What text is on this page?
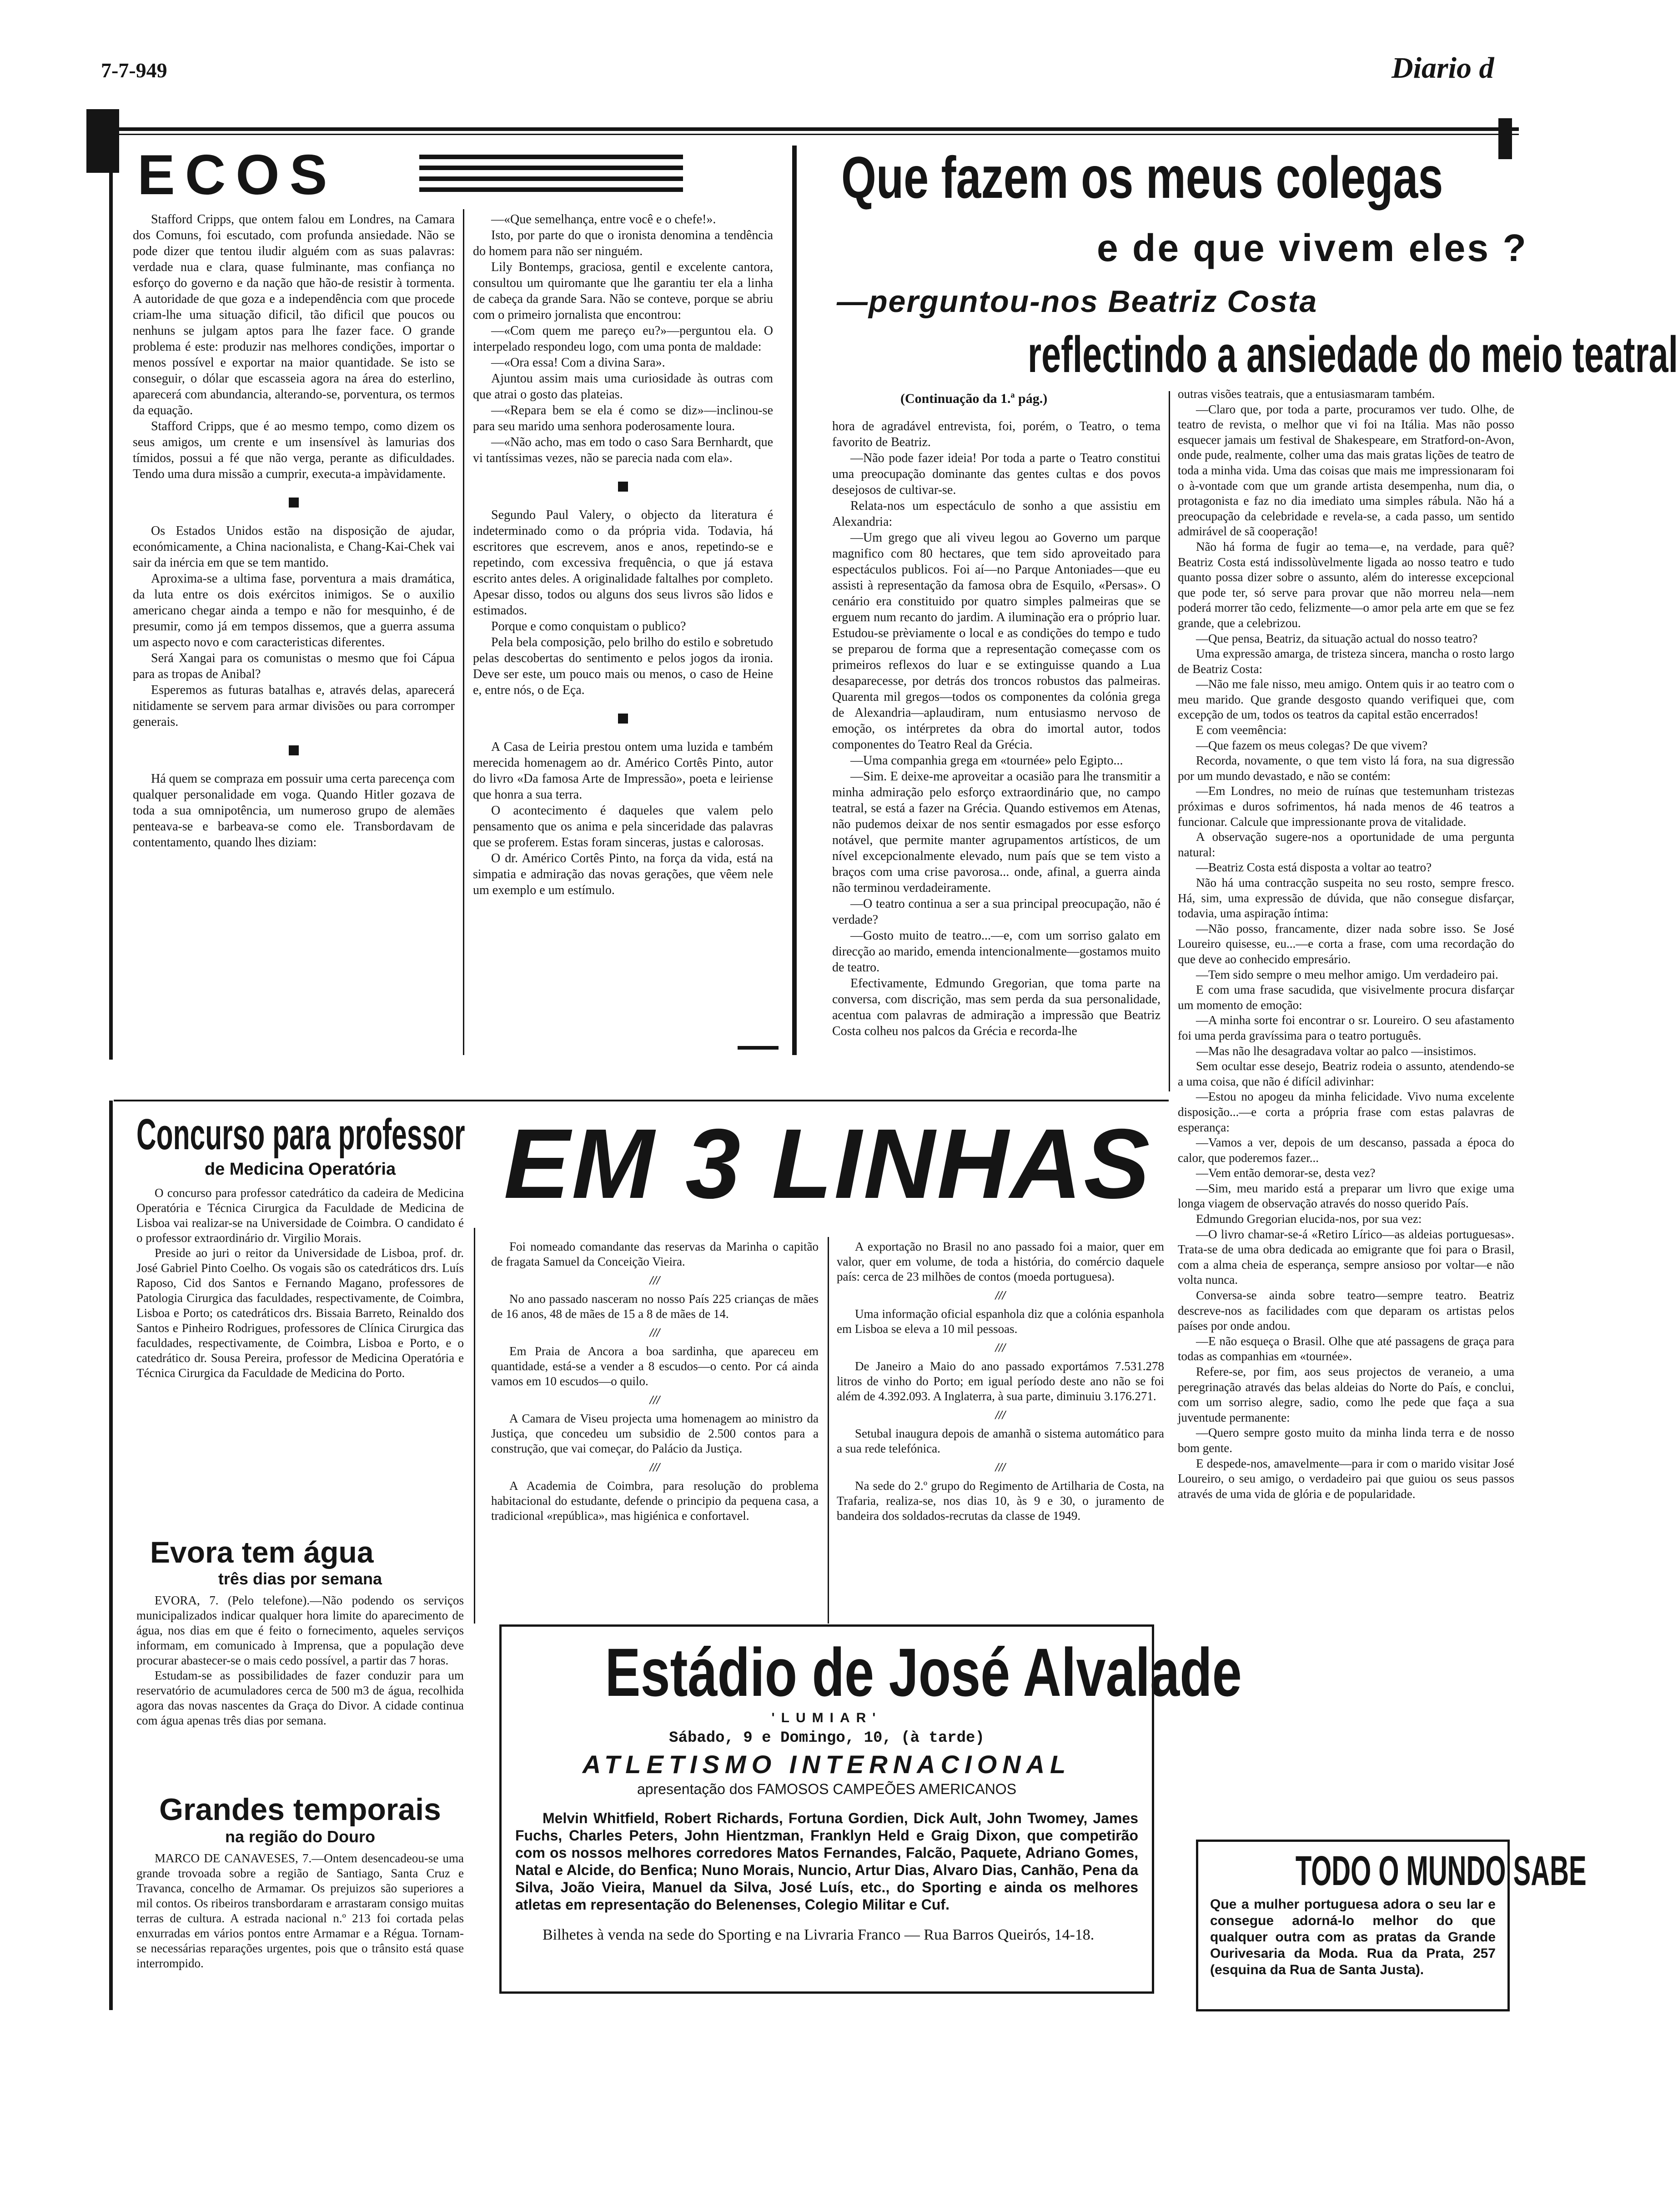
7-7-949	Diario d
ECOS

Stafford Cripps, que ontem falou em Londres, na Camara dos Comuns, foi escutado, com profunda ansiedade. Não se pode dizer que tentou iludir alguém com as suas palavras: verdade nua e clara, quase fulminante, mas confiança no esforço do governo e da nação que hão-de resistir à tormenta. A autoridade de que goza e a independência com que procede criam-lhe uma situação dificil, tão dificil que poucos ou nenhuns se julgam aptos para lhe fazer face. O grande problema é este: produzir nas melhores condições, importar o menos possível e exportar na maior quantidade. Se isto se conseguir, o dólar que escasseia agora na área do esterlino, aparecerá com abundancia, alterando-se, porventura, os termos da equação.

Stafford Cripps, que é ao mesmo tempo, como dizem os seus amigos, um crente e um insensível às lamurias dos tímidos, possui a fé que não verga, perante as dificuldades. Tendo uma dura missão a cumprir, executa-a impàvidamente.

Os Estados Unidos estão na disposição de ajudar, económicamente, a China nacionalista, e Chang-Kai-Chek vai sair da inércia em que se tem mantido.

Aproxima-se a ultima fase, porventura a mais dramática, da luta entre os dois exércitos inimigos. Se o auxilio americano chegar ainda a tempo e não for mesquinho, é de presumir, como já em tempos dissemos, que a guerra assuma um aspecto novo e com caracteristicas diferentes.

Será Xangai para os comunistas o mesmo que foi Cápua para as tropas de Anibal?

Esperemos as futuras batalhas e, através delas, aparecerá nitidamente se servem para armar divisões ou para corromper generais.

Há quem se compraza em possuir uma certa parecença com qualquer personalidade em voga. Quando Hitler gozava de toda a sua omnipotência, um numeroso grupo de alemães penteava-se e barbeava-se como ele. Transbordavam de contentamento, quando lhes diziam:

—«Que semelhança, entre você e o chefe!».

Isto, por parte do que o ironista denomina a tendência do homem para não ser ninguém.

Lily Bontemps, graciosa, gentil e excelente cantora, consultou um quiromante que lhe garantiu ter ela a linha de cabeça da grande Sara. Não se conteve, porque se abriu com o primeiro jornalista que encontrou:

—«Com quem me pareço eu?»—perguntou ela. O interpelado respondeu logo, com uma ponta de maldade:

—«Ora essa! Com a divina Sara».

Ajuntou assim mais uma curiosidade às outras com que atrai o gosto das plateias.

—«Repara bem se ela é como se diz»—inclinou-se para seu marido uma senhora poderosamente loura.

—«Não acho, mas em todo o caso Sara Bernhardt, que vi tantíssimas vezes, não se parecia nada com ela».

Segundo Paul Valery, o objecto da literatura é indeterminado como o da própria vida. Todavia, há escritores que escrevem, anos e anos, repetindo-se e repetindo, com excessiva frequência, o que já estava escrito antes deles. A originalidade faltalhes por completo. Apesar disso, todos ou alguns dos seus livros são lidos e estimados.

Porque e como conquistam o publico?

Pela bela composição, pelo brilho do estilo e sobretudo pelas descobertas do sentimento e pelos jogos da ironia. Deve ser este, um pouco mais ou menos, o caso de Heine e, entre nós, o de Eça.

A Casa de Leiria prestou ontem uma luzida e também merecida homenagem ao dr. Américo Cortês Pinto, autor do livro «Da famosa Arte de Impressão», poeta e leiriense que honra a sua terra.

O acontecimento é daqueles que valem pelo pensamento que os anima e pela sinceridade das palavras que se proferem. Estas foram sinceras, justas e calorosas.

O dr. Américo Cortês Pinto, na força da vida, está na simpatia e admiração das novas gerações, que vêem nele um exemplo e um estímulo.

Que fazem os meus colegas
e de que vivem eles ?
—perguntou-nos Beatriz Costa
reflectindo a ansiedade do meio teatral
(Continuação da 1.ª pág.)

hora de agradável entrevista, foi, porém, o Teatro, o tema favorito de Beatriz.

—Não pode fazer ideia! Por toda a parte o Teatro constitui uma preocupação dominante das gentes cultas e dos povos desejosos de cultivar-se.

Relata-nos um espectáculo de sonho a que assistiu em Alexandria:

—Um grego que ali viveu legou ao Governo um parque magnifico com 80 hectares, que tem sido aproveitado para espectáculos publicos. Foi aí—no Parque Antoniades—que eu assisti à representação da famosa obra de Esquilo, «Persas». O cenário era constituido por quatro simples palmeiras que se erguem num recanto do jardim. A iluminação era o próprio luar. Estudou-se prèviamente o local e as condições do tempo e tudo se preparou de forma que a representação começasse com os primeiros reflexos do luar e se extinguisse quando a Lua desaparecesse, por detrás dos troncos robustos das palmeiras. Quarenta mil gregos—todos os componentes da colónia grega de Alexandria—aplaudiram, num entusiasmo nervoso de emoção, os intérpretes da obra do imortal autor, todos componentes do Teatro Real da Grécia.

—Uma companhia grega em «tournée» pelo Egipto...

—Sim. E deixe-me aproveitar a ocasião para lhe transmitir a minha admiração pelo esforço extraordinário que, no campo teatral, se está a fazer na Grécia. Quando estivemos em Atenas, não pudemos deixar de nos sentir esmagados por esse esforço notável, que permite manter agrupamentos artísticos, de um nível excepcionalmente elevado, num país que se tem visto a braços com uma crise pavorosa... onde, afinal, a guerra ainda não terminou verdadeiramente.

—O teatro continua a ser a sua principal preocupação, não é verdade?

—Gosto muito de teatro...—e, com um sorriso galato em direcção ao marido, emenda intencionalmente—gostamos muito de teatro.

Efectivamente, Edmundo Gregorian, que toma parte na conversa, com discrição, mas sem perda da sua personalidade, acentua com palavras de admiração a impressão que Beatriz Costa colheu nos palcos da Grécia e recorda-lhe

outras visões teatrais, que a entusiasmaram também.

—Claro que, por toda a parte, procuramos ver tudo. Olhe, de teatro de revista, o melhor que vi foi na Itália. Mas não posso esquecer jamais um festival de Shakespeare, em Stratford-on-Avon, onde pude, realmente, colher uma das mais gratas lições de teatro de toda a minha vida. Uma das coisas que mais me impressionaram foi o à-vontade com que um grande artista desempenha, num dia, o protagonista e faz no dia imediato uma simples rábula. Não há a preocupação da celebridade e revela-se, a cada passo, um sentido admirável de sã cooperação!

Não há forma de fugir ao tema—e, na verdade, para quê? Beatriz Costa está indissolùvelmente ligada ao nosso teatro e tudo quanto possa dizer sobre o assunto, além do interesse excepcional que pode ter, só serve para provar que não morreu nela—nem poderá morrer tão cedo, felizmente—o amor pela arte em que se fez grande, que a celebrizou.

—Que pensa, Beatriz, da situação actual do nosso teatro?

Uma expressão amarga, de tristeza sincera, mancha o rosto largo de Beatriz Costa:

—Não me fale nisso, meu amigo. Ontem quis ir ao teatro com o meu marido. Que grande desgosto quando verifiquei que, com excepção de um, todos os teatros da capital estão encerrados!

E com veemência:

—Que fazem os meus colegas? De que vivem?

Recorda, novamente, o que tem visto lá fora, na sua digressão por um mundo devastado, e não se contém:

—Em Londres, no meio de ruínas que testemunham tristezas próximas e duros sofrimentos, há nada menos de 46 teatros a funcionar. Calcule que impressionante prova de vitalidade.

A observação sugere-nos a oportunidade de uma pergunta natural:

—Beatriz Costa está disposta a voltar ao teatro?

Não há uma contracção suspeita no seu rosto, sempre fresco. Há, sim, uma expressão de dúvida, que não consegue disfarçar, todavia, uma aspiração íntima:

—Não posso, francamente, dizer nada sobre isso. Se José Loureiro quisesse, eu...—e corta a frase, com uma recordação do que deve ao conhecido empresário.

—Tem sido sempre o meu melhor amigo. Um verdadeiro pai.

E com uma frase sacudida, que visivelmente procura disfarçar um momento de emoção:

—A minha sorte foi encontrar o sr. Loureiro. O seu afastamento foi uma perda gravíssima para o teatro português.

—Mas não lhe desagradava voltar ao palco —insistimos.

Sem ocultar esse desejo, Beatriz rodeia o assunto, atendendo-se a uma coisa, que não é difícil adivinhar:

—Estou no apogeu da minha felicidade. Vivo numa excelente disposição...—e corta a própria frase com estas palavras de esperança:

—Vamos a ver, depois de um descanso, passada a época do calor, que poderemos fazer...

—Vem então demorar-se, desta vez?

—Sim, meu marido está a preparar um livro que exige uma longa viagem de observação através do nosso querido País.

Edmundo Gregorian elucida-nos, por sua vez:

—O livro chamar-se-á «Retiro Lírico—as aldeias portuguesas». Trata-se de uma obra dedicada ao emigrante que foi para o Brasil, com a alma cheia de esperança, sempre ansioso por voltar—e não volta nunca.

Conversa-se ainda sobre teatro—sempre teatro. Beatriz descreve-nos as facilidades com que deparam os artistas pelos países por onde andou.

—E não esqueça o Brasil. Olhe que até passagens de graça para todas as companhias em «tournée».

Refere-se, por fim, aos seus projectos de veraneio, a uma peregrinação através das belas aldeias do Norte do País, e conclui, com um sorriso alegre, sadio, como lhe pede que faça a sua juventude permanente:

—Quero sempre gosto muito da minha linda terra e de nosso bom gente.

E despede-nos, amavelmente—para ir com o marido visitar José Loureiro, o seu amigo, o verdadeiro pai que guiou os seus passos através de uma vida de glória e de popularidade.

Concurso para professor
de Medicina Operatória

O concurso para professor catedrático da cadeira de Medicina Operatória e Técnica Cirurgica da Faculdade de Medicina de Lisboa vai realizar-se na Universidade de Coimbra. O candidato é o professor extraordinário dr. Virgilio Morais.

Preside ao juri o reitor da Universidade de Lisboa, prof. dr. José Gabriel Pinto Coelho. Os vogais são os catedráticos drs. Luís Raposo, Cid dos Santos e Fernando Magano, professores de Patologia Cirurgica das faculdades, respectivamente, de Coimbra, Lisboa e Porto; os catedráticos drs. Bissaia Barreto, Reinaldo dos Santos e Pinheiro Rodrigues, professores de Clínica Cirurgica das faculdades, respectivamente, de Coimbra, Lisboa e Porto, e o catedrático dr. Sousa Pereira, professor de Medicina Operatória e Técnica Cirurgica da Faculdade de Medicina do Porto.

Evora tem água
três dias por semana

EVORA, 7. (Pelo telefone).—Não podendo os serviços municipalizados indicar qualquer hora limite do aparecimento de água, nos dias em que é feito o fornecimento, aqueles serviços informam, em comunicado à Imprensa, que a população deve procurar abastecer-se o mais cedo possível, a partir das 7 horas.

Estudam-se as possibilidades de fazer conduzir para um reservatório de acumuladores cerca de 500 m3 de água, recolhida agora das novas nascentes da Graça do Divor. A cidade continua com água apenas três dias por semana.

Grandes temporais
na região do Douro

MARCO DE CANAVESES, 7.—Ontem desencadeou-se uma grande trovoada sobre a região de Santiago, Santa Cruz e Travanca, concelho de Armamar. Os prejuizos são superiores a mil contos. Os ribeiros transbordaram e arrastaram consigo muitas terras de cultura. A estrada nacional n.º 213 foi cortada pelas enxurradas em vários pontos entre Armamar e a Régua. Tornam-se necessárias reparações urgentes, pois que o trânsito está quase interrompido.

EM 3 LINHAS

Foi nomeado comandante das reservas da Marinha o capitão de fragata Samuel da Conceição Vieira.

///

No ano passado nasceram no nosso País 225 crianças de mães de 16 anos, 48 de mães de 15 a 8 de mães de 14.

///

Em Praia de Ancora a boa sardinha, que apareceu em quantidade, está-se a vender a 8 escudos—o cento. Por cá ainda vamos em 10 escudos—o quilo.

///

A Camara de Viseu projecta uma homenagem ao ministro da Justiça, que concedeu um subsidio de 2.500 contos para a construção, que vai começar, do Palácio da Justiça.

///

A Academia de Coimbra, para resolução do problema habitacional do estudante, defende o principio da pequena casa, a tradicional «república», mas higiénica e confortavel.

A exportação no Brasil no ano passado foi a maior, quer em valor, quer em volume, de toda a história, do comércio daquele país: cerca de 23 milhões de contos (moeda portuguesa).

///

Uma informação oficial espanhola diz que a colónia espanhola em Lisboa se eleva a 10 mil pessoas.

///

De Janeiro a Maio do ano passado exportámos 7.531.278 litros de vinho do Porto; em igual período deste ano não se foi além de 4.392.093. A Inglaterra, à sua parte, diminuiu 3.176.271.

///

Setubal inaugura depois de amanhã o sistema automático para a sua rede telefónica.

///

Na sede do 2.º grupo do Regimento de Artilharia de Costa, na Trafaria, realiza-se, nos dias 10, às 9 e 30, o juramento de bandeira dos soldados-recrutas da classe de 1949.

Estádio de José Alvalade
'LUMIAR'
Sábado, 9 e Domingo, 10, (à tarde)
ATLETISMO INTERNACIONAL
apresentação dos FAMOSOS CAMPEÕES AMERICANOS
Melvin Whitfield, Robert Richards, Fortuna Gordien, Dick Ault, John Twomey, James Fuchs, Charles Peters, John Hientzman, Franklyn Held e Graig Dixon, que competirão com os nossos melhores corredores Matos Fernandes, Falcão, Paquete, Adriano Gomes, Natal e Alcide, do Benfica; Nuno Morais, Nuncio, Artur Dias, Alvaro Dias, Canhão, Pena da Silva, João Vieira, Manuel da Silva, José Luís, etc., do Sporting e ainda os melhores atletas em representação do Belenenses, Colegio Militar e Cuf.
Bilhetes à venda na sede do Sporting e na Livraria Franco — Rua Barros Queirós, 14-18.
TODO O MUNDO SABE
Que a mulher portuguesa adora o seu lar e consegue adorná-lo melhor do que qualquer outra com as pratas da Grande Ourivesaria da Moda. Rua da Prata, 257 (esquina da Rua de Santa Justa).
